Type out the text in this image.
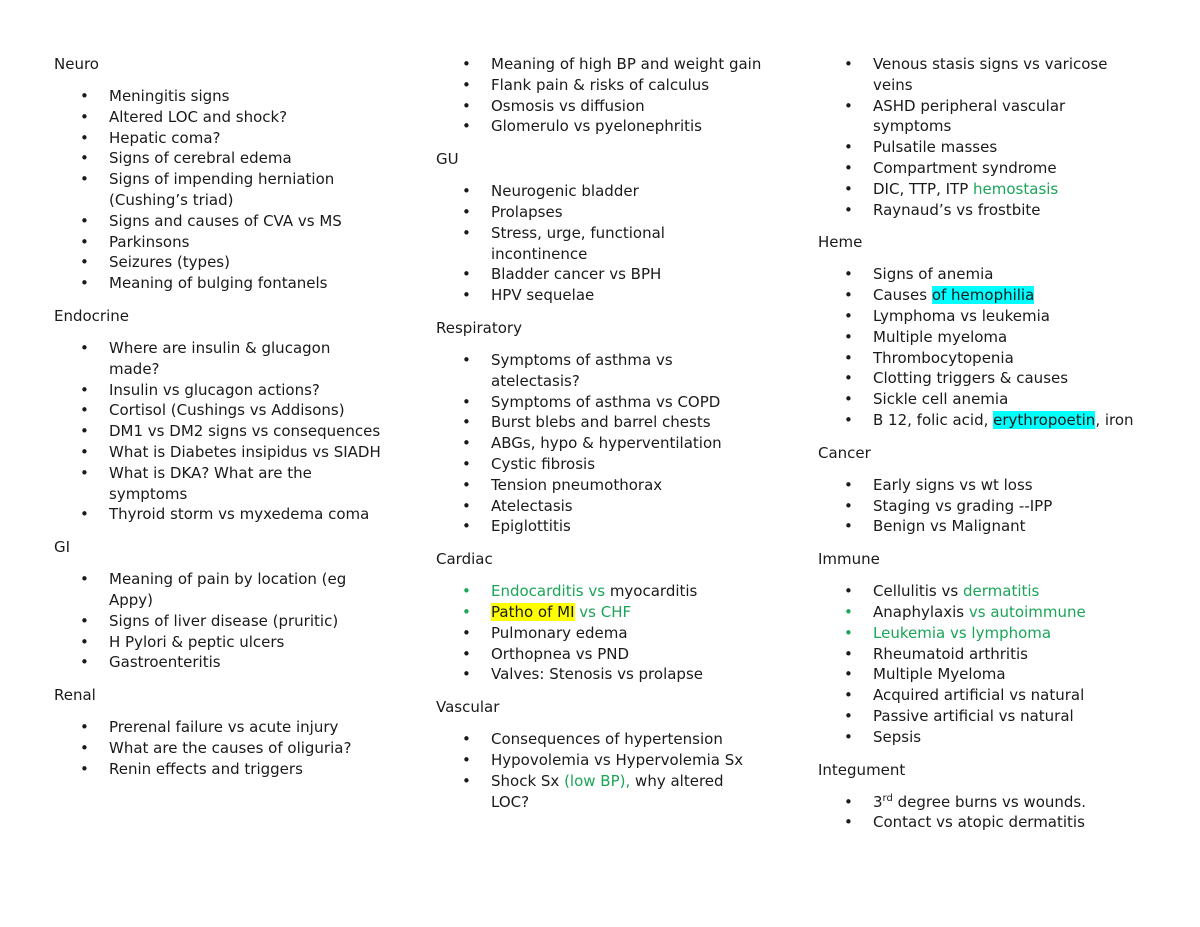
Neuro
• Meningitis signs
• Altered LOC and shock?
• Hepatic coma?
• Signs of cerebral edema
• Signs of impending herniation (Cushing’s triad)
• Signs and causes of CVA vs MS
• Parkinsons
• Seizures (types)
• Meaning of bulging fontanels
Endocrine
• Where are insulin & glucagon made?
• Insulin vs glucagon actions?
• Cortisol (Cushings vs Addisons)
• DM1 vs DM2 signs vs consequences
• What is Diabetes insipidus vs SIADH
• What is DKA? What are the symptoms
• Thyroid storm vs myxedema coma
GI
• Meaning of pain by location (eg Appy)
• Signs of liver disease (pruritic)
• H Pylori & peptic ulcers
• Gastroenteritis
Renal
• Prerenal failure vs acute injury
• What are the causes of oliguria?
• Renin effects and triggers
• Meaning of high BP and weight gain
• Flank pain & risks of calculus
• Osmosis vs diffusion
• Glomerulo vs pyelonephritis
GU
• Neurogenic bladder
• Prolapses
• Stress, urge, functional incontinence
• Bladder cancer vs BPH
• HPV sequelae
Respiratory
• Symptoms of asthma vs atelectasis?
• Symptoms of asthma vs COPD
• Burst blebs and barrel chests
• ABGs, hypo & hyperventilation
• Cystic fibrosis
• Tension pneumothorax
• Atelectasis
• Epiglottitis
Cardiac
• Endocarditis vs myocarditis
• Patho of MI vs CHF
• Pulmonary edema
• Orthopnea vs PND
• Valves: Stenosis vs prolapse
Vascular
• Consequences of hypertension
• Hypovolemia vs Hypervolemia Sx
• Shock Sx (low BP), why altered LOC?
• Venous stasis signs vs varicose veins
• ASHD peripheral vascular symptoms
• Pulsatile masses
• Compartment syndrome
• DIC, TTP, ITP hemostasis
• Raynaud’s vs frostbite
Heme
• Signs of anemia
• Causes of hemophilia
• Lymphoma vs leukemia
• Multiple myeloma
• Thrombocytopenia
• Clotting triggers & causes
• Sickle cell anemia
• B 12, folic acid, erythropoetin, iron
Cancer
• Early signs vs wt loss
• Staging vs grading --IPP
• Benign vs Malignant
Immune
• Cellulitis vs dermatitis
• Anaphylaxis vs autoimmune
• Leukemia vs lymphoma
• Rheumatoid arthritis
• Multiple Myeloma
• Acquired artificial vs natural
• Passive artificial vs natural
• Sepsis
Integument
• 3rd degree burns vs wounds.
• Contact vs atopic dermatitis
